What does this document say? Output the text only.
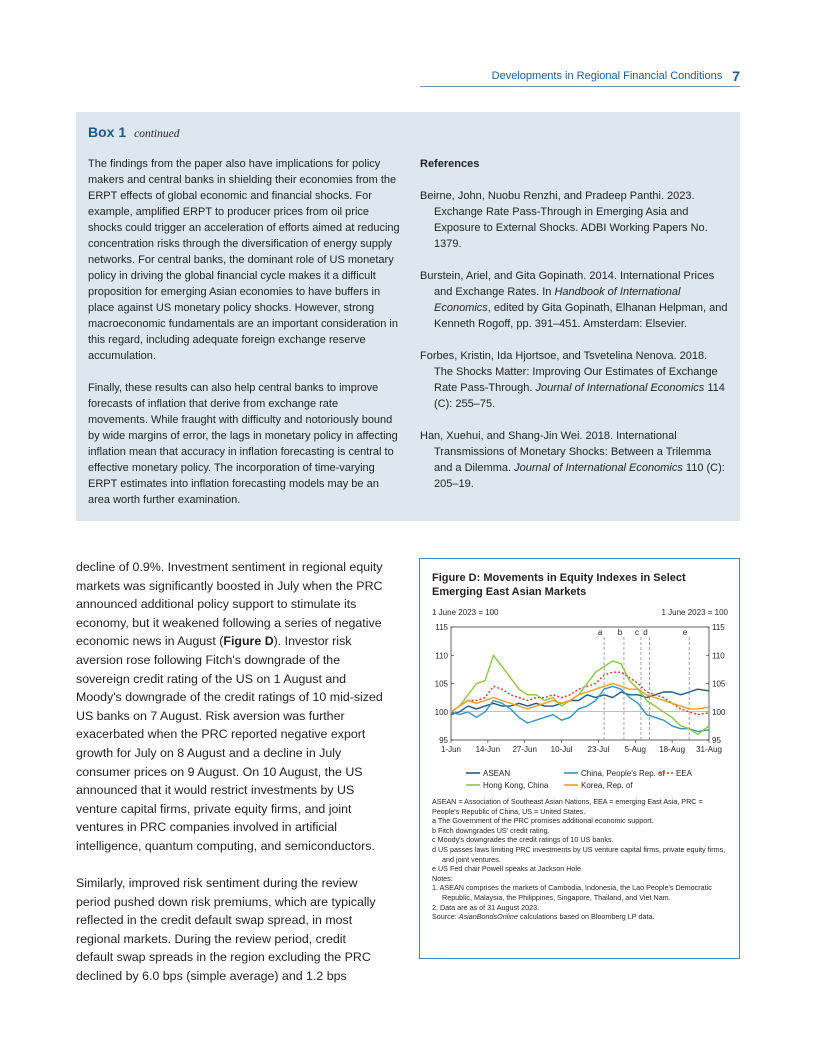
Developments in Regional Financial Conditions 7
Box 1 continued

The findings from the paper also have implications for policy makers and central banks in shielding their economies from the ERPT effects of global economic and financial shocks. For example, amplified ERPT to producer prices from oil price shocks could trigger an acceleration of efforts aimed at reducing concentration risks through the diversification of energy supply networks. For central banks, the dominant role of US monetary policy in driving the global financial cycle makes it a difficult proposition for emerging Asian economies to have buffers in place against US monetary policy shocks. However, strong macroeconomic fundamentals are an important consideration in this regard, including adequate foreign exchange reserve accumulation.

Finally, these results can also help central banks to improve forecasts of inflation that derive from exchange rate movements. While fraught with difficulty and notoriously bound by wide margins of error, the lags in monetary policy in affecting inflation mean that accuracy in inflation forecasting is central to effective monetary policy. The incorporation of time-varying ERPT estimates into inflation forecasting models may be an area worth further examination.

References

Beirne, John, Nuobu Renzhi, and Pradeep Panthi. 2023. Exchange Rate Pass-Through in Emerging Asia and Exposure to External Shocks. ADBI Working Papers No. 1379.

Burstein, Ariel, and Gita Gopinath. 2014. International Prices and Exchange Rates. In Handbook of International Economics, edited by Gita Gopinath, Elhanan Helpman, and Kenneth Rogoff, pp. 391–451. Amsterdam: Elsevier.

Forbes, Kristin, Ida Hjortsoe, and Tsvetelina Nenova. 2018. The Shocks Matter: Improving Our Estimates of Exchange Rate Pass-Through. Journal of International Economics 114 (C): 255–75.

Han, Xuehui, and Shang-Jin Wei. 2018. International Transmissions of Monetary Shocks: Between a Trilemma and a Dilemma. Journal of International Economics 110 (C): 205–19.

decline of 0.9%. Investment sentiment in regional equity markets was significantly boosted in July when the PRC announced additional policy support to stimulate its economy, but it weakened following a series of negative economic news in August (Figure D). Investor risk aversion rose following Fitch's downgrade of the sovereign credit rating of the US on 1 August and Moody's downgrade of the credit ratings of 10 mid-sized US banks on 7 August. Risk aversion was further exacerbated when the PRC reported negative export growth for July on 8 August and a decline in July consumer prices on 9 August. On 10 August, the US announced that it would restrict investments by US venture capital firms, private equity firms, and joint ventures in PRC companies involved in artificial intelligence, quantum computing, and semiconductors.

Similarly, improved risk sentiment during the review period pushed down risk premiums, which are typically reflected in the credit default swap spread, in most regional markets. During the review period, credit default swap spreads in the region excluding the PRC declined by 6.0 bps (simple average) and 1.2 bps

Figure D: Movements in Equity Indexes in Select Emerging East Asian Markets
1 June 2023 = 100	1 June 2023 = 100
95	95
100	100
105	105
110	110
115	115
1-Jun 14-Jun 27-Jun 10-Jul 23-Jul 5-Aug 18-Aug 31-Aug
a b c d	e
ASEAN	China, People's Rep. of EEA
Hong Kong, China	Korea, Rep. of
ASEAN = Association of Southeast Asian Nations, EEA = emerging East Asia, PRC = People's Republic of China, US = United States.
a The Government of the PRC promises additional economic support.
b Fitch downgrades US' credit rating.
c Moody's downgrades the credit ratings of 10 US banks.
d US passes laws limiting PRC investments by US venture capital firms, private equity firms, and joint ventures.
e US Fed chair Powell speaks at Jackson Hole.
Notes:
1. ASEAN comprises the markets of Cambodia, Indonesia, the Lao People's Democratic Republic, Malaysia, the Philippines, Singapore, Thailand, and Viet Nam.
2. Data are as of 31 August 2023.
Source: AsianBondsOnline calculations based on Bloomberg LP data.
